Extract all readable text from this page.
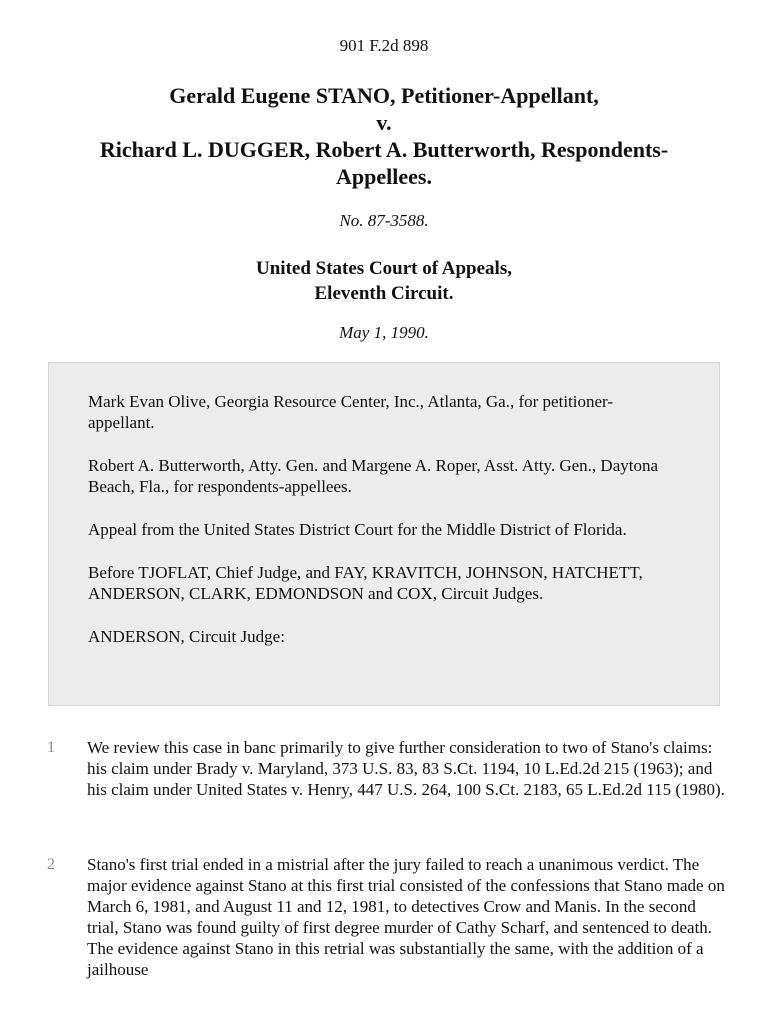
901 F.2d 898
Gerald Eugene STANO, Petitioner-Appellant,
v.
Richard L. DUGGER, Robert A. Butterworth, Respondents-
Appellees.
No. 87-3588.
United States Court of Appeals,
Eleventh Circuit.
May 1, 1990.

Mark Evan Olive, Georgia Resource Center, Inc., Atlanta, Ga., for petitioner-appellant.

Robert A. Butterworth, Atty. Gen. and Margene A. Roper, Asst. Atty. Gen., Daytona Beach, Fla., for respondents-appellees.

Appeal from the United States District Court for the Middle District of Florida.

Before TJOFLAT, Chief Judge, and FAY, KRAVITCH, JOHNSON, HATCHETT, ANDERSON, CLARK, EDMONDSON and COX, Circuit Judges.

ANDERSON, Circuit Judge:

1 We review this case in banc primarily to give further consideration to two of Stano's claims: his claim under Brady v. Maryland, 373 U.S. 83, 83 S.Ct. 1194, 10 L.Ed.2d 215 (1963); and his claim under United States v. Henry, 447 U.S. 264, 100 S.Ct. 2183, 65 L.Ed.2d 115 (1980).
2 Stano's first trial ended in a mistrial after the jury failed to reach a unanimous verdict. The major evidence against Stano at this first trial consisted of the confessions that Stano made on March 6, 1981, and August 11 and 12, 1981, to detectives Crow and Manis. In the second trial, Stano was found guilty of first degree murder of Cathy Scharf, and sentenced to death. The evidence against Stano in this retrial was substantially the same, with the addition of a jailhouse
